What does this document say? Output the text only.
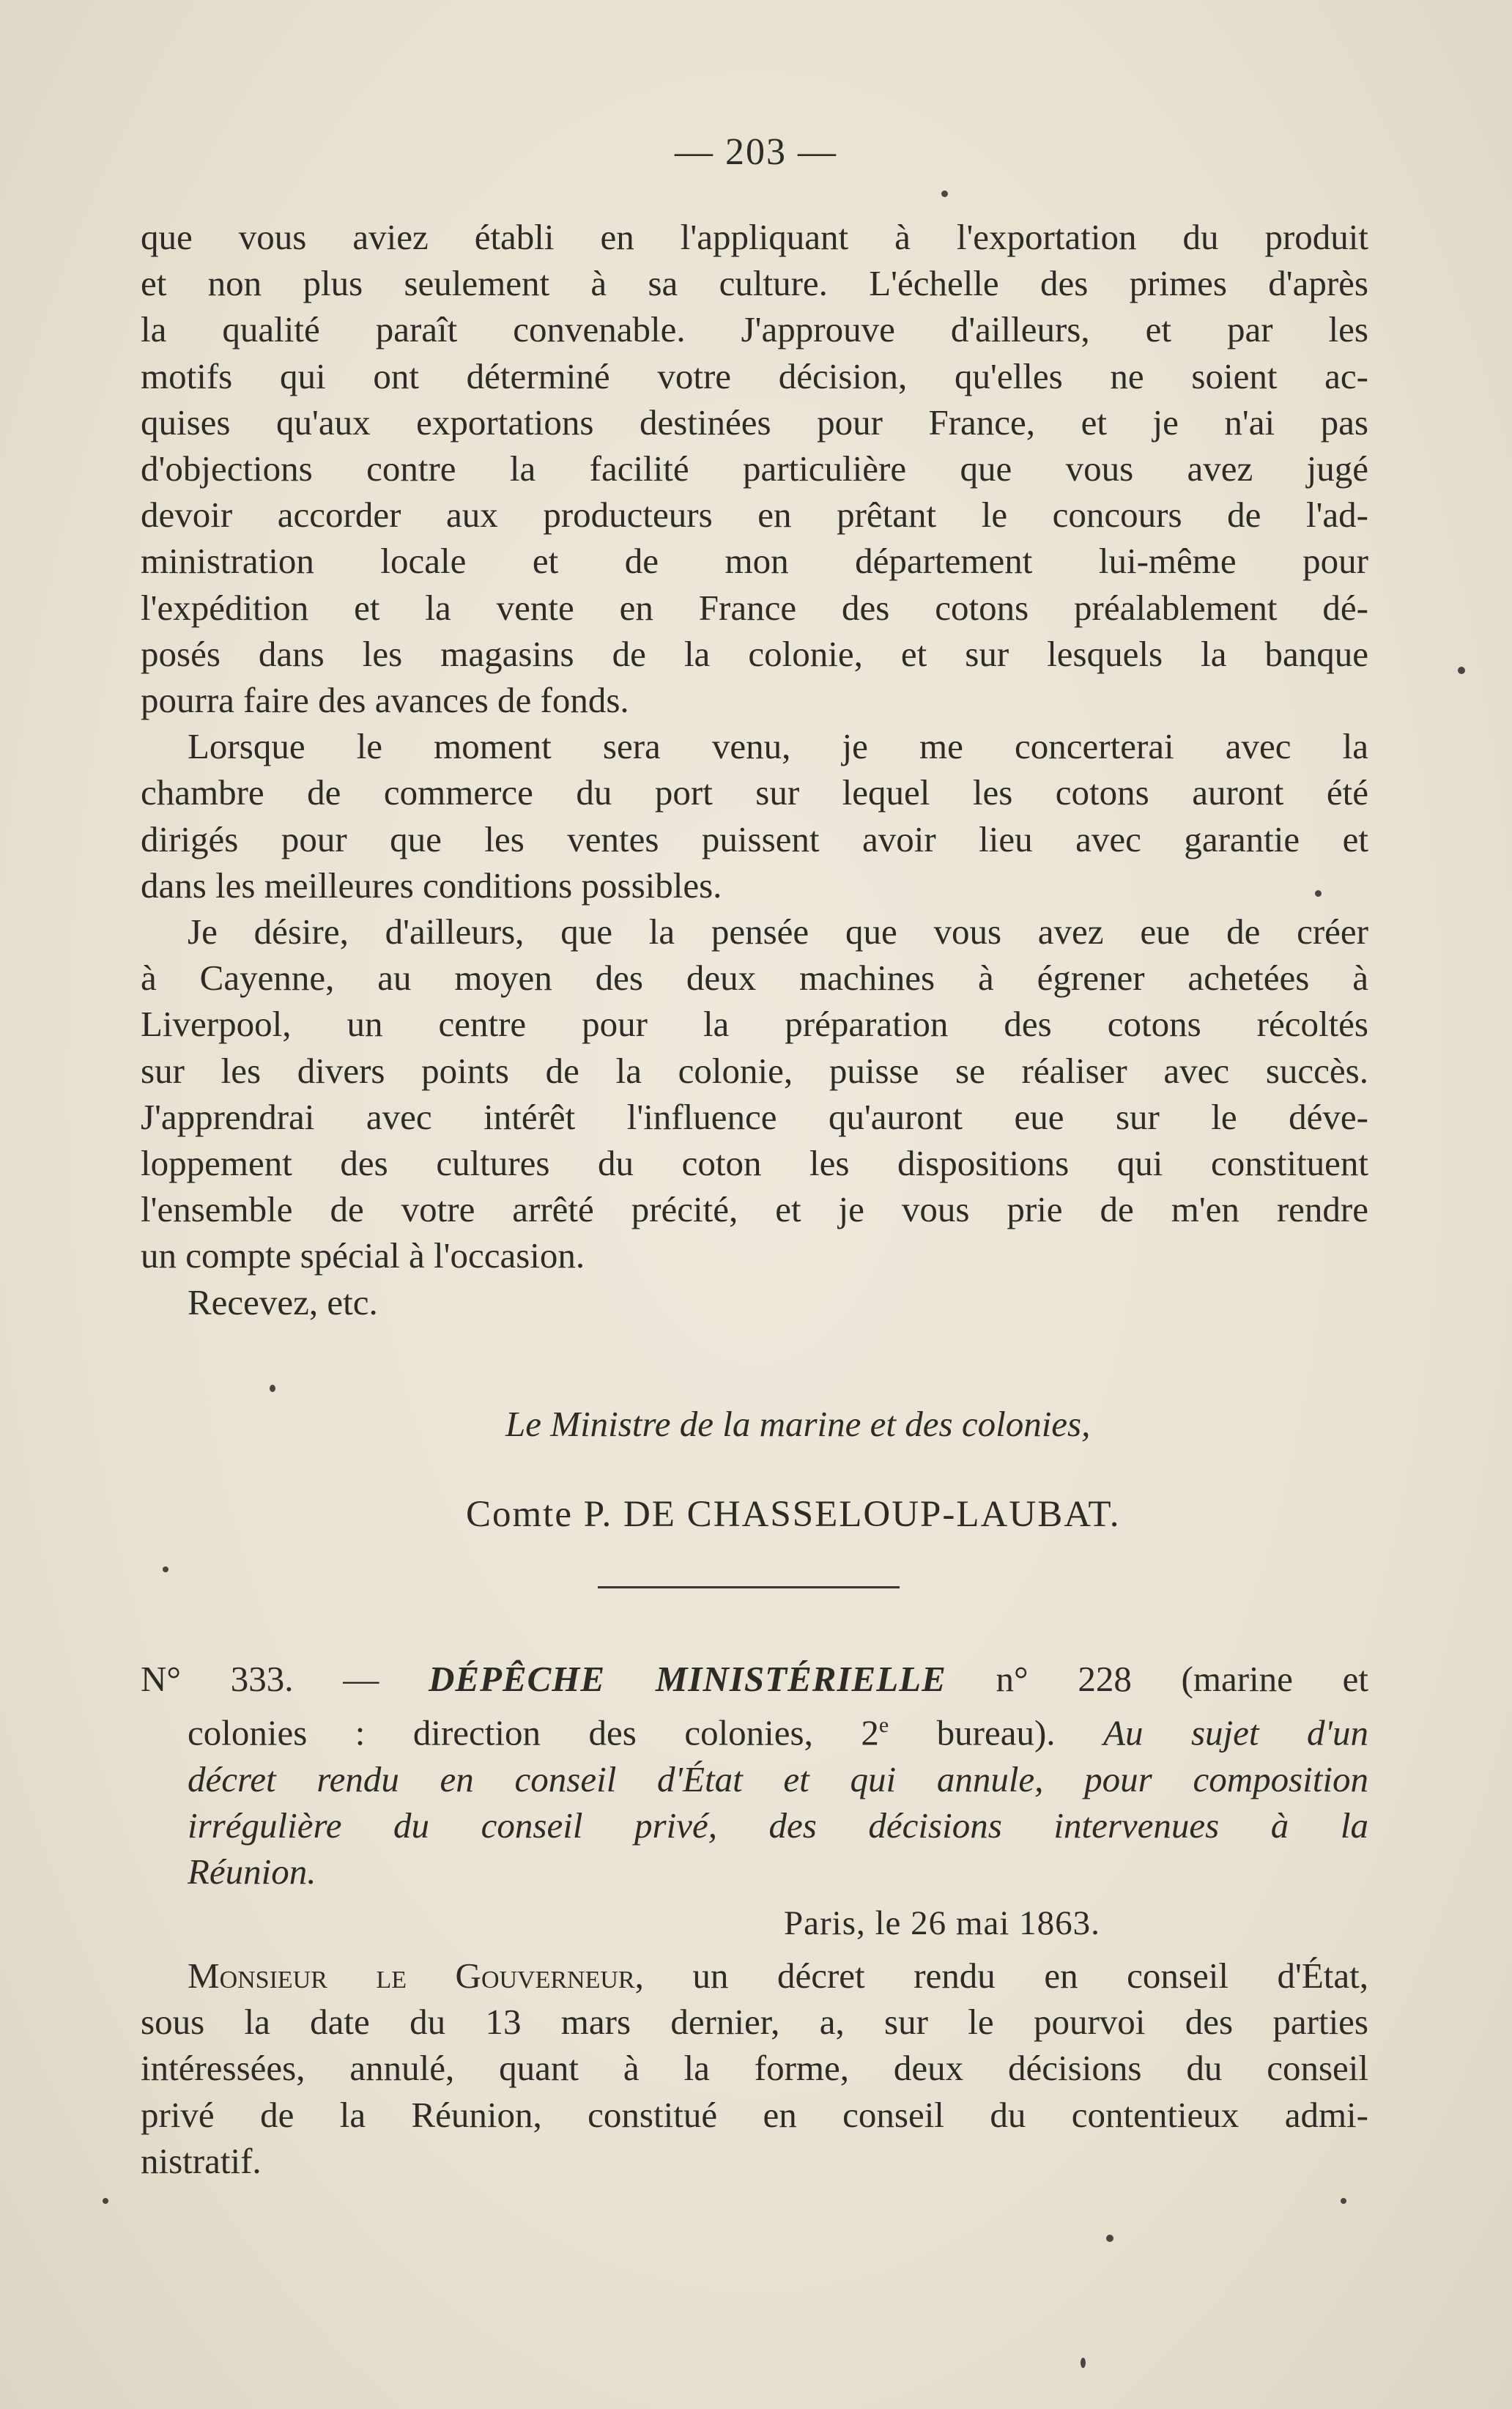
— 203 —

que vous aviez établi en l'appliquant à l'exportation du produit
et non plus seulement à sa culture. L'échelle des primes d'après
la qualité paraît convenable. J'approuve d'ailleurs, et par les
motifs qui ont déterminé votre décision, qu'elles ne soient ac-
quises qu'aux exportations destinées pour France, et je n'ai pas
d'objections contre la facilité particulière que vous avez jugé
devoir accorder aux producteurs en prêtant le concours de l'ad-
ministration locale et de mon département lui-même pour
l'expédition et la vente en France des cotons préalablement dé-
posés dans les magasins de la colonie, et sur lesquels la banque
pourra faire des avances de fonds.

Lorsque le moment sera venu, je me concerterai avec la
chambre de commerce du port sur lequel les cotons auront été
dirigés pour que les ventes puissent avoir lieu avec garantie et
dans les meilleures conditions possibles.

Je désire, d'ailleurs, que la pensée que vous avez eue de créer
à Cayenne, au moyen des deux machines à égrener achetées à
Liverpool, un centre pour la préparation des cotons récoltés
sur les divers points de la colonie, puisse se réaliser avec succès.
J'apprendrai avec intérêt l'influence qu'auront eue sur le déve-
loppement des cultures du coton les dispositions qui constituent
l'ensemble de votre arrêté précité, et je vous prie de m'en rendre
un compte spécial à l'occasion.

Recevez, etc.

Le Ministre de la marine et des colonies,
Comte P. DE CHASSELOUP-LAUBAT.
N° 333. — DÉPÊCHE MINISTÉRIELLE n° 228 (marine et
colonies : direction des colonies, 2e bureau). Au sujet d'un
décret rendu en conseil d'État et qui annule, pour composition
irrégulière du conseil privé, des décisions intervenues à la
Réunion.
Paris, le 26 mai 1863.
Monsieur le Gouverneur, un décret rendu en conseil d'État,
sous la date du 13 mars dernier, a, sur le pourvoi des parties
intéressées, annulé, quant à la forme, deux décisions du conseil
privé de la Réunion, constitué en conseil du contentieux admi-
nistratif.
